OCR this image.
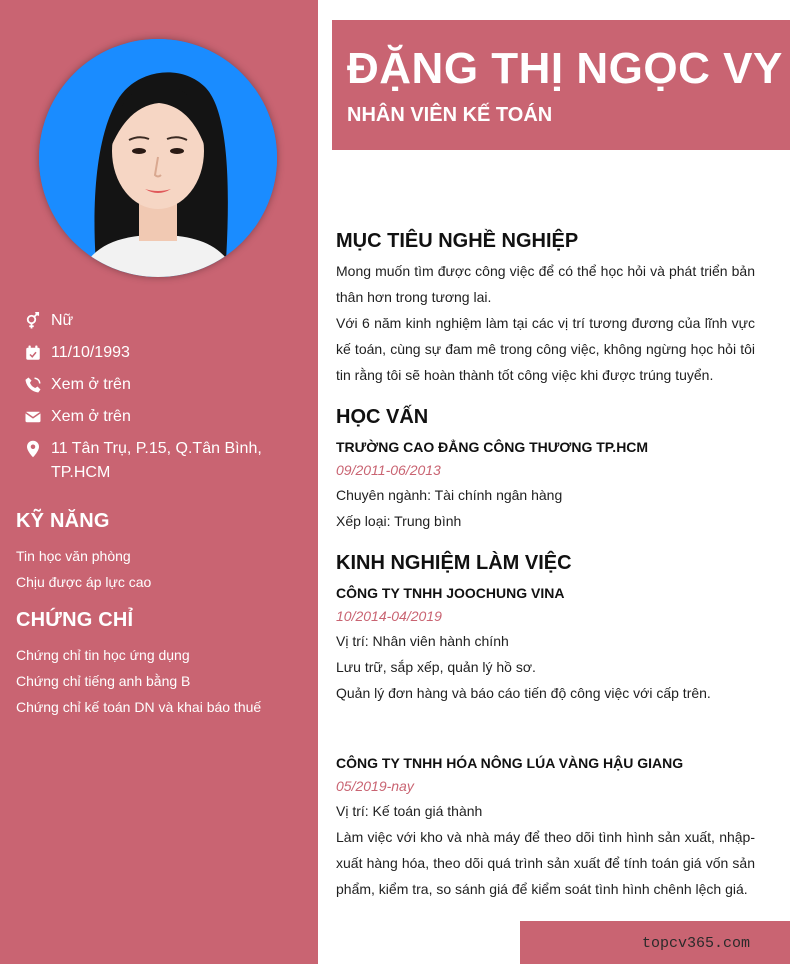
Nữ
11/10/1993
Xem ở trên
Xem ở trên
11 Tân Trụ, P.15, Q.Tân Bình, TP.HCM
KỸ NĂNG
Tin học văn phòng
Chịu được áp lực cao
CHỨNG CHỈ
Chứng chỉ tin học ứng dụng
Chứng chỉ tiếng anh bằng B
Chứng chỉ kế toán DN và khai báo thuế
ĐẶNG THỊ NGỌC VY
NHÂN VIÊN KẾ TOÁN
MỤC TIÊU NGHỀ NGHIỆP
Mong muốn tìm được công việc để có thể học hỏi và phát triển bản thân hơn trong tương lai.
Với 6 năm kinh nghiệm làm tại các vị trí tương đương của lĩnh vực kế toán, cùng sự đam mê trong công việc, không ngừng học hỏi tôi tin rằng tôi sẽ hoàn thành tốt công việc khi được trúng tuyển.
HỌC VẤN
TRƯỜNG CAO ĐẲNG CÔNG THƯƠNG TP.HCM
09/2011-06/2013
Chuyên ngành: Tài chính ngân hàng
Xếp loại: Trung bình
KINH NGHIỆM LÀM VIỆC
CÔNG TY TNHH JOOCHUNG VINA
10/2014-04/2019
Vị trí: Nhân viên hành chính
Lưu trữ, sắp xếp, quản lý hồ sơ.
Quản lý đơn hàng và báo cáo tiến độ công việc với cấp trên.
CÔNG TY TNHH HÓA NÔNG LÚA VÀNG HẬU GIANG
05/2019-nay
Vị trí: Kế toán giá thành
Làm việc với kho và nhà máy để theo dõi tình hình sản xuất, nhập-xuất hàng hóa, theo dõi quá trình sản xuất để tính toán giá vốn sản phẩm, kiểm tra, so sánh giá để kiểm soát tình hình chênh lệch giá.
topcv365.com
